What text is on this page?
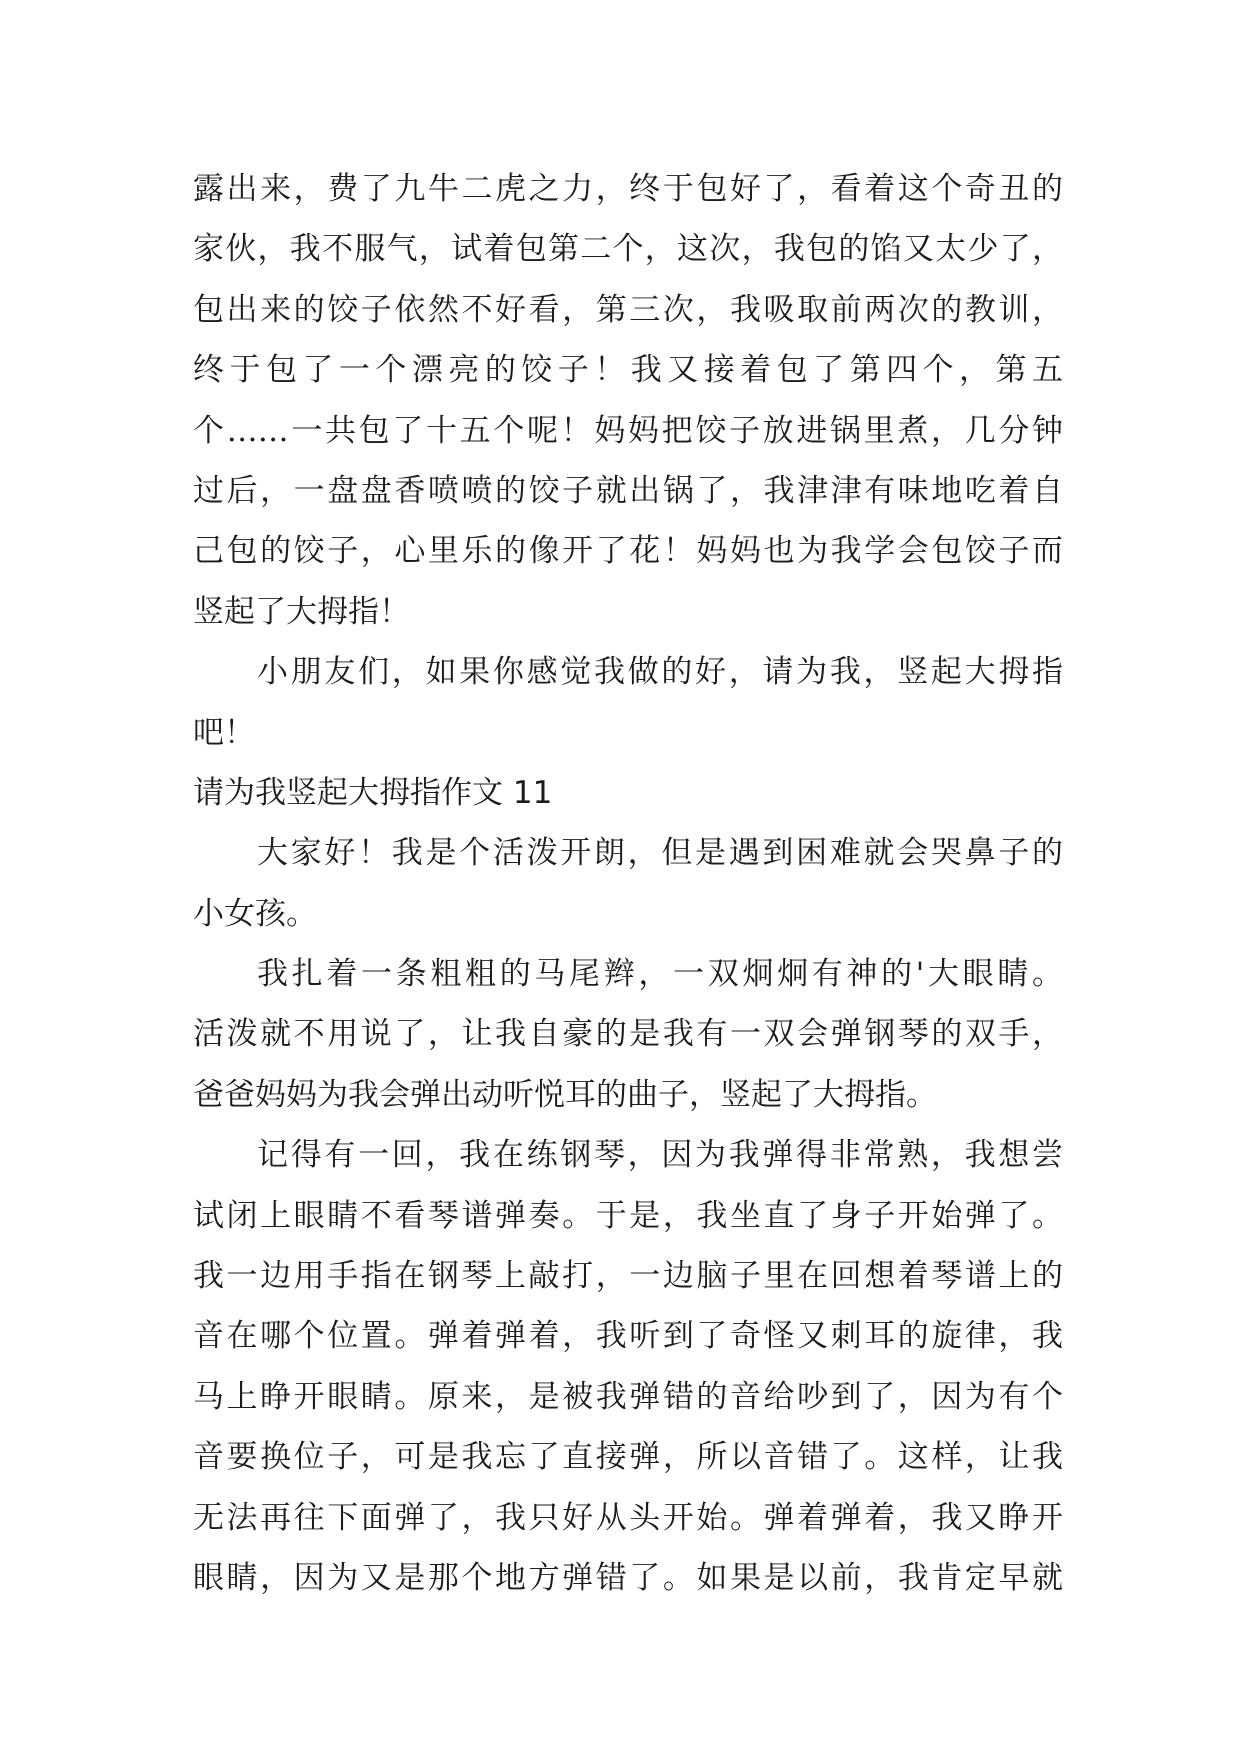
露出来，费了九牛二虎之力，终于包好了，看着这个奇丑的
家伙，我不服气，试着包第二个，这次，我包的馅又太少了，
包出来的饺子依然不好看，第三次，我吸取前两次的教训，
终于包了一个漂亮的饺子！我又接着包了第四个，第五
个……一共包了十五个呢！妈妈把饺子放进锅里煮，几分钟
过后，一盘盘香喷喷的饺子就出锅了，我津津有味地吃着自
己包的饺子，心里乐的像开了花！妈妈也为我学会包饺子而
竖起了大拇指！
小朋友们，如果你感觉我做的好，请为我，竖起大拇指
吧！
请为我竖起大拇指作文 11
大家好！我是个活泼开朗，但是遇到困难就会哭鼻子的
小女孩。
我扎着一条粗粗的马尾辫，一双炯炯有神的'大眼睛。
活泼就不用说了，让我自豪的是我有一双会弹钢琴的双手，
爸爸妈妈为我会弹出动听悦耳的曲子，竖起了大拇指。
记得有一回，我在练钢琴，因为我弹得非常熟，我想尝
试闭上眼睛不看琴谱弹奏。于是，我坐直了身子开始弹了。
我一边用手指在钢琴上敲打，一边脑子里在回想着琴谱上的
音在哪个位置。弹着弹着，我听到了奇怪又刺耳的旋律，我
马上睁开眼睛。原来，是被我弹错的音给吵到了，因为有个
音要换位子，可是我忘了直接弹，所以音错了。这样，让我
无法再往下面弹了，我只好从头开始。弹着弹着，我又睁开
眼睛，因为又是那个地方弹错了。如果是以前，我肯定早就
